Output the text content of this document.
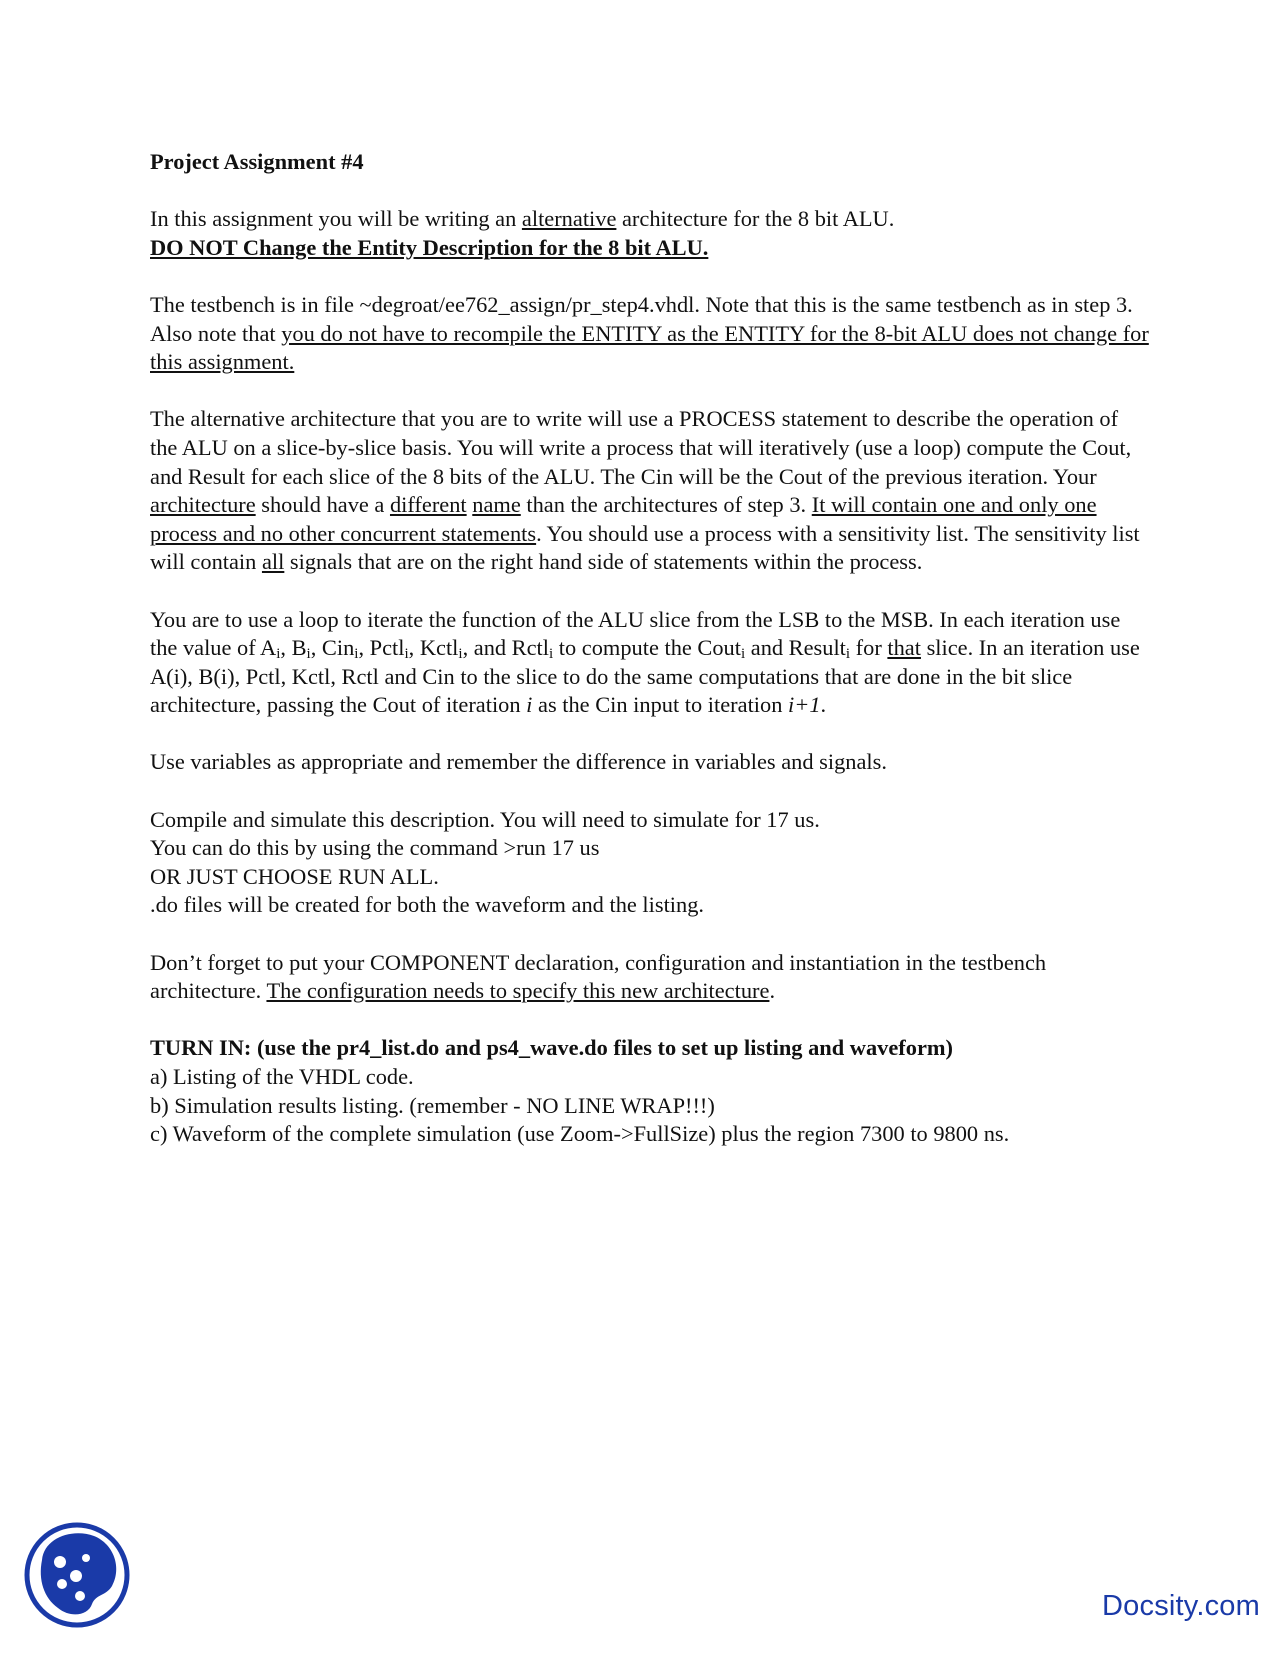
Project Assignment #4

In this assignment you will be writing an alternative architecture for the 8 bit ALU.
DO NOT Change the Entity Description for the 8 bit ALU.

The testbench is in file ~degroat/ee762_assign/pr_step4.vhdl. Note that this is the same testbench as in step 3. Also note that you do not have to recompile the ENTITY as the ENTITY for the 8-bit ALU does not change for this assignment.

The alternative architecture that you are to write will use a PROCESS statement to describe the operation of the ALU on a slice-by-slice basis. You will write a process that will iteratively (use a loop) compute the Cout, and Result for each slice of the 8 bits of the ALU. The Cin will be the Cout of the previous iteration. Your architecture should have a different name than the architectures of step 3. It will contain one and only one process and no other concurrent statements. You should use a process with a sensitivity list. The sensitivity list will contain all signals that are on the right hand side of statements within the process.

You are to use a loop to iterate the function of the ALU slice from the LSB to the MSB. In each iteration use the value of $A_i$, $B_i$, Cin$_i$, Pctl$_i$, Kctl$_i$, and Rctl$_i$ to compute the Cout$_i$ and Result$_i$ for that slice. In an iteration use A(i), B(i), Pctl, Kctl, Rctl and Cin to the slice to do the same computations that are done in the bit slice architecture, passing the Cout of iteration i as the Cin input to iteration i+1.

Use variables as appropriate and remember the difference in variables and signals.

Compile and simulate this description. You will need to simulate for 17 us.
You can do this by using the command >run 17 us
OR JUST CHOOSE RUN ALL.
.do files will be created for both the waveform and the listing.

Don’t forget to put your COMPONENT declaration, configuration and instantiation in the testbench architecture. The configuration needs to specify this new architecture.

TURN IN: (use the pr4_list.do and ps4_wave.do files to set up listing and waveform)
a) Listing of the VHDL code.
b) Simulation results listing. (remember - NO LINE WRAP!!!)
c) Waveform of the complete simulation (use Zoom->FullSize) plus the region 7300 to 9800 ns.
Docsity.com
